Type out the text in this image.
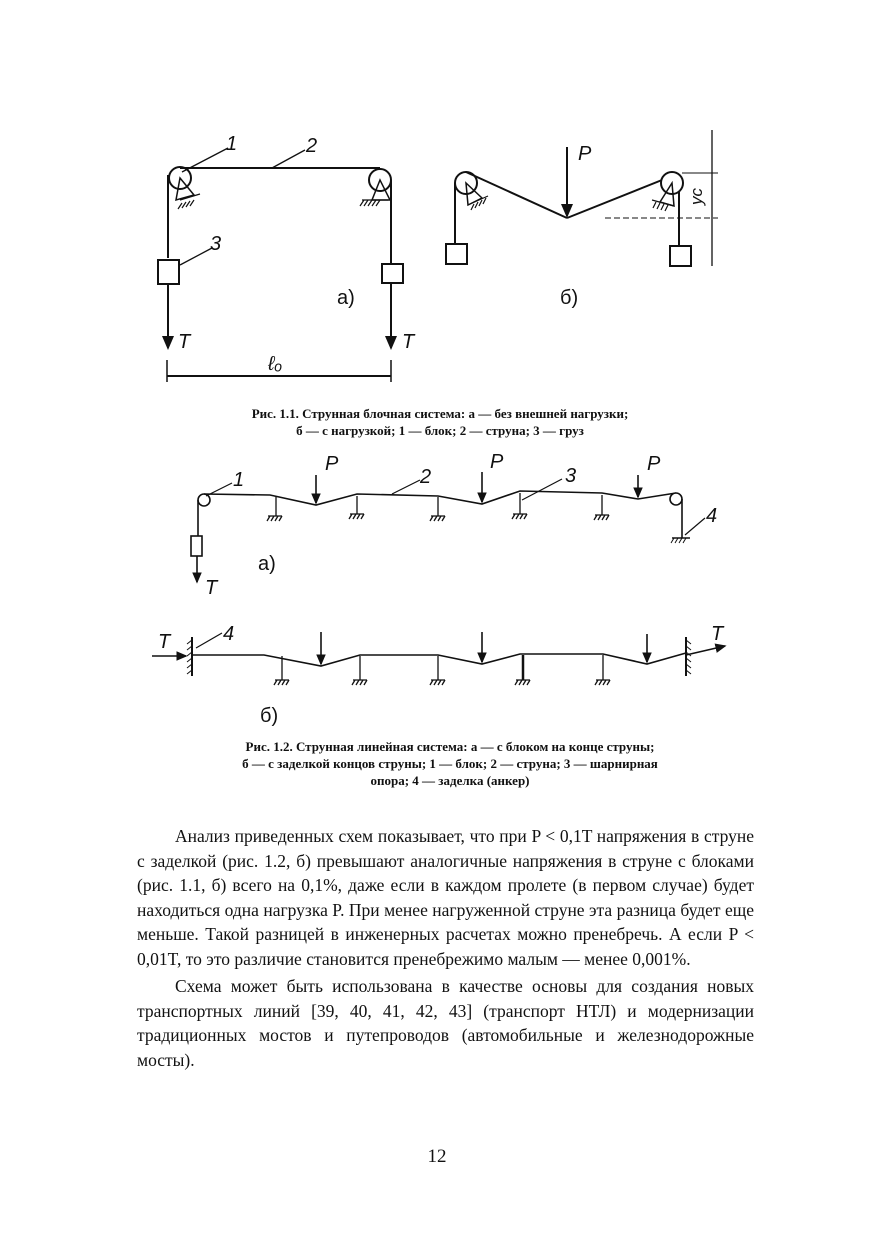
1	2
3
T	T
ℓₒ
а)
P
yc
б)
Рис. 1.1. Струнная блочная система: а — без внешней нагрузки;
б — с нагрузкой; 1 — блок; 2 — струна; 3 — груз
1	2	3
4
P	P	P
T
а)
T	4	T
б)
Рис. 1.2. Струнная линейная система: а — с блоком на конце струны;
б — с заделкой концов струны; 1 — блок; 2 — струна; 3 — шарнирная
опора; 4 — заделка (анкер)

Анализ приведенных схем показывает, что при P < 0,1T напряжения в струне с заделкой (рис. 1.2, б) превышают аналогичные напряжения в струне с блоками (рис. 1.1, б) всего на 0,1%, даже если в каждом пролете (в первом случае) будет находиться одна нагрузка P. При менее нагруженной струне эта разница будет еще меньше. Такой разницей в инженерных расчетах можно пренебречь. А если P < 0,01T, то это различие становится пренебрежимо малым — менее 0,001%.

Схема может быть использована в качестве основы для создания новых транспортных линий [39, 40, 41, 42, 43] (транспорт НТЛ) и модернизации традиционных мостов и путепроводов (автомобильные и железнодорожные мосты).

12
